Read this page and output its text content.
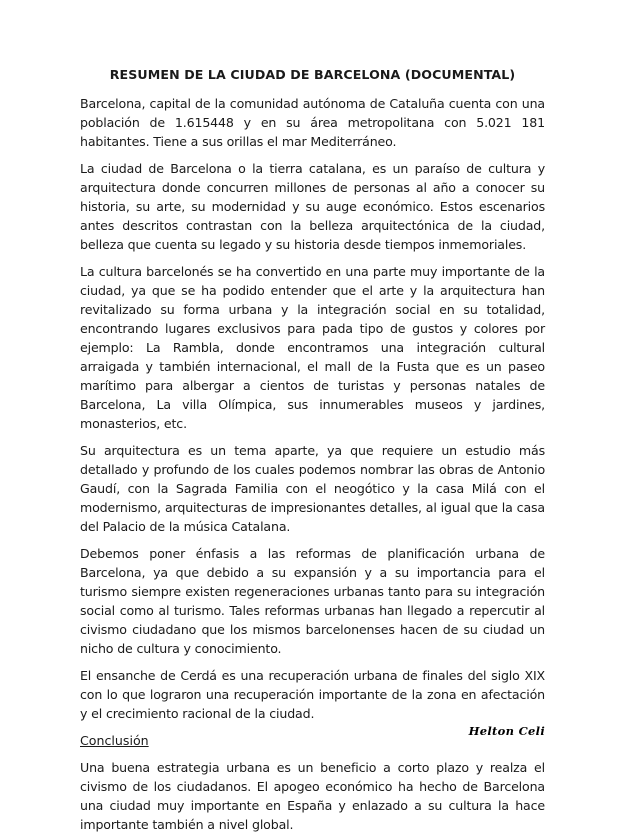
RESUMEN DE LA CIUDAD DE BARCELONA (DOCUMENTAL)

Barcelona, capital de la comunidad autónoma de Cataluña cuenta con una población de 1.615448 y en su área metropolitana con 5.021 181 habitantes. Tiene a sus orillas el mar Mediterráneo.

La ciudad de Barcelona o la tierra catalana, es un paraíso de cultura y arquitectura donde concurren millones de personas al año a conocer su historia, su arte, su modernidad y su auge económico. Estos escenarios antes descritos contrastan con la belleza arquitectónica de la ciudad, belleza que cuenta su legado y su historia desde tiempos inmemoriales.

La cultura barcelonés se ha convertido en una parte muy importante de la ciudad, ya que se ha podido entender que el arte y la arquitectura han revitalizado su forma urbana y la integración social en su totalidad, encontrando lugares exclusivos para pada tipo de gustos y colores por ejemplo: La Rambla, donde encontramos una integración cultural arraigada y también internacional, el mall de la Fusta que es un paseo marítimo para albergar a cientos de turistas y personas natales de Barcelona, La villa Olímpica, sus innumerables museos y jardines, monasterios, etc.

Su arquitectura es un tema aparte, ya que requiere un estudio más detallado y profundo de los cuales podemos nombrar las obras de Antonio Gaudí, con la Sagrada Familia con el neogótico y la casa Milá con el modernismo, arquitecturas de impresionantes detalles, al igual que la casa del Palacio de la música Catalana.

Debemos poner énfasis a las reformas de planificación urbana de Barcelona, ya que debido a su expansión y a su importancia para el turismo siempre existen regeneraciones urbanas tanto para su integración social como al turismo. Tales reformas urbanas han llegado a repercutir al civismo ciudadano que los mismos barcelonenses hacen de su ciudad un nicho de cultura y conocimiento.

El ensanche de Cerdá es una recuperación urbana de finales del siglo XIX con lo que lograron una recuperación importante de la zona en afectación y el crecimiento racional de la ciudad.

Conclusión

Una buena estrategia urbana es un beneficio a corto plazo y realza el civismo de los ciudadanos. El apogeo económico ha hecho de Barcelona una ciudad muy importante en España y enlazado a su cultura la hace importante también a nivel global.

Helton Celi
